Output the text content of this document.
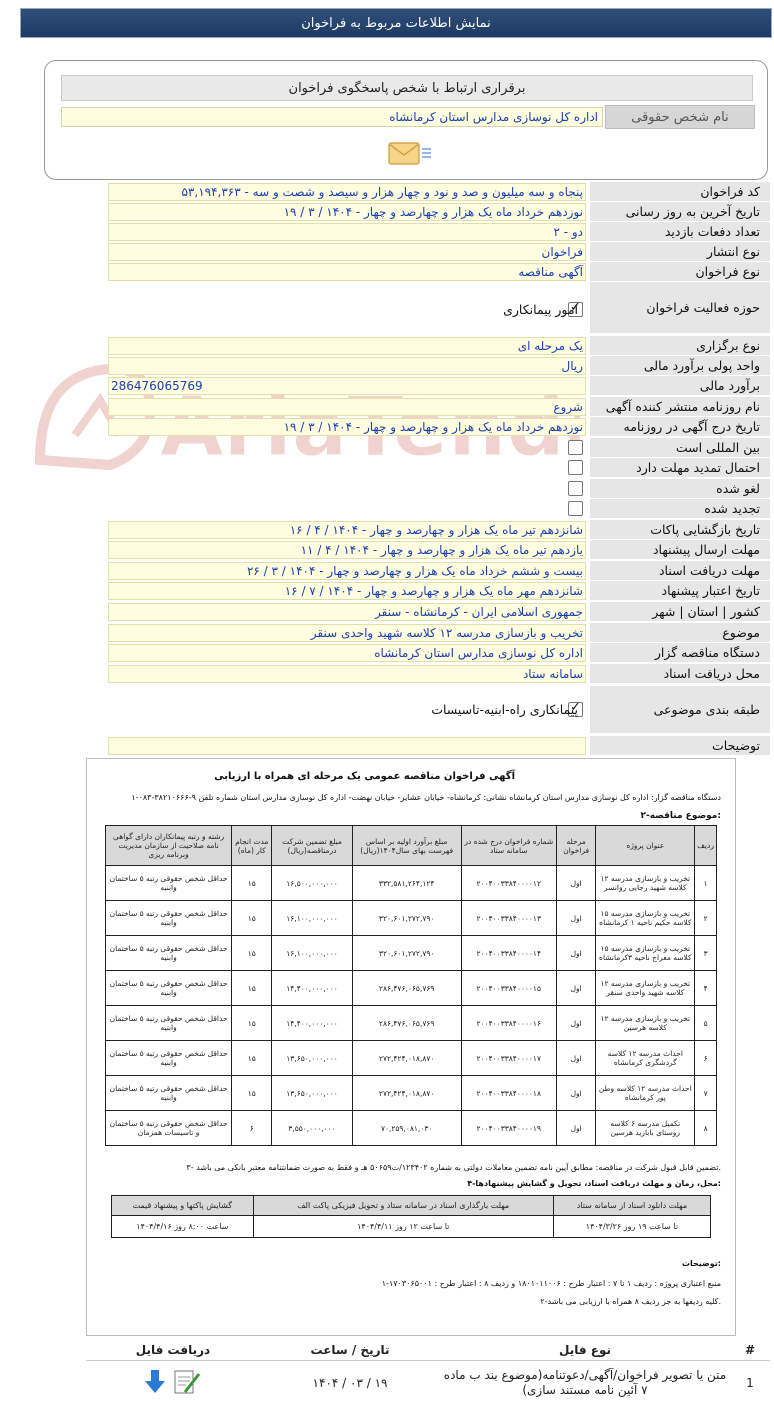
نمایش اطلاعات مربوط به فراخوان
برقراری ارتباط با شخص پاسخگوی فراخوان
نام شخص حقوقی
اداره کل نوسازی مدارس استان کرمانشاه
کد فراخوان
۵۳,۱۹۴,۳۶۳ - پنجاه و سه میلیون و صد و نود و چهار هزار و سیصد و شصت و سه
تاریخ آخرین به روز رسانی
۱۹ / ۳ / ۱۴۰۴ - نوزدهم خرداد ماه یک هزار و چهارصد و چهار
تعداد دفعات بازدید
۲ - دو
نوع انتشار
فراخوان
نوع فراخوان
آگهی مناقصه
حوزه فعالیت فراخوان
✓
امور پیمانکاری
نوع برگزاری
یک مرحله ای
واحد پولی برآورد مالی
ریال
برآورد مالی
286476065769
نام روزنامه منتشر کننده آگهی
شروع
تاریخ درج آگهی در روزنامه
۱۹ / ۳ / ۱۴۰۴ - نوزدهم خرداد ماه یک هزار و چهارصد و چهار
بین المللی است
احتمال تمدید مهلت دارد
لغو شده
تجدید شده
تاریخ بازگشایی پاکات
۱۶ / ۴ / ۱۴۰۴ - شانزدهم تیر ماه یک هزار و چهارصد و چهار
مهلت ارسال پیشنهاد
۱۱ / ۴ / ۱۴۰۴ - یازدهم تیر ماه یک هزار و چهارصد و چهار
مهلت دریافت اسناد
۲۶ / ۳ / ۱۴۰۴ - بیست و ششم خرداد ماه یک هزار و چهارصد و چهار
تاریخ اعتبار پیشنهاد
۱۶ / ۷ / ۱۴۰۴ - شانزدهم مهر ماه یک هزار و چهارصد و چهار
کشور | استان | شهر
جمهوری اسلامی ایران - کرمانشاه - سنقر
موضوع
تخریب و بازسازی مدرسه ۱۲ کلاسه شهید واحدی سنقر
دستگاه مناقصه گزار
اداره کل نوسازی مدارس استان کرمانشاه
محل دریافت اسناد
سامانه ستاد
طبقه بندی موضوعی
✓
پیمانکاری راه-ابنیه-تاسیسات
توضیحات
آگهی فراخوان مناقصه عمومی یک مرحله ای همراه با ارزیابی
۱-دستگاه مناقصه گزار: اداره کل نوسازی مدارس استان کرمانشاه نشانی: کرمانشاه- خیابان عشایر- خیابان نهضت- اداره کل نوسازی مدارس استان شماره تلفن ۹-۳۸۲۱۰۶۶۶-۰۸۳
۲-موضوع مناقصه:
ردیف	عنوان پروژه	مرحله فراخوان	شماره فراخوان درج شده در سامانه ستاد	مبلغ برآورد اولیه بر اساس فهرست بهای سال۱۴۰۴(ریال)	مبلغ تضمین شرکت درمناقصه(ریال)	مدت انجام کار (ماه)	رشته و رتبه پیمانکاران دارای گواهی نامه صلاحیت از سازمان مدیریت وبرنامه ریزی
۱	تخریب و بازسازی مدرسه ۱۲ کلاسه شهید رجایی روانسر	اول	۲۰۰۴۰۰۳۳۸۴۰۰۰۰۱۲	۳۳۲,۵۸۱,۲۶۴,۱۲۴	۱۶,۵۰۰,۰۰۰,۰۰۰	۱۵	حداقل شخص حقوقی رتبه ۵ ساختمان وابنیه
۲	تخریب و بازسازی مدرسه ۱۵ کلاسه حکیم ناحیه ۱ کرمانشاه	اول	۲۰۰۴۰۰۳۳۸۴۰۰۰۰۱۳	۳۲۰,۶۰۱,۲۷۲,۷۹۰	۱۶,۱۰۰,۰۰۰,۰۰۰	۱۵	حداقل شخص حقوقی رتبه ۵ ساختمان وابنیه
۳	تخریب و بازسازی مدرسه ۱۵ کلاسه معراج ناحیه ۳کرمانشاه	اول	۲۰۰۴۰۰۳۳۸۴۰۰۰۰۱۴	۳۲۰,۶۰۱,۲۷۲,۷۹۰	۱۶,۱۰۰,۰۰۰,۰۰۰	۱۵	حداقل شخص حقوقی رتبه ۵ ساختمان وابنیه
۴	تخریب و بازسازی مدرسه ۱۲ کلاسه شهید واحدی سنقر	اول	۲۰۰۴۰۰۳۳۸۴۰۰۰۰۱۵	۲۸۶,۴۷۶,۰۶۵,۷۶۹	۱۴,۴۰۰,۰۰۰,۰۰۰	۱۵	حداقل شخص حقوقی رتبه ۵ ساختمان وابنیه
۵	تخریب و بازسازی مدرسه ۱۲ کلاسه هرسین	اول	۲۰۰۴۰۰۳۳۸۴۰۰۰۰۱۶	۲۸۶,۴۷۶,۰۶۵,۷۶۹	۱۴,۴۰۰,۰۰۰,۰۰۰	۱۵	حداقل شخص حقوقی رتبه ۵ ساختمان وابنیه
۶	احداث مدرسه ۱۲ کلاسه گردشگری کرمانشاه	اول	۲۰۰۴۰۰۳۳۸۴۰۰۰۰۱۷	۲۷۲,۴۲۴,۰۱۸,۸۷۰	۱۳,۶۵۰,۰۰۰,۰۰۰	۱۵	حداقل شخص حقوقی رتبه ۵ ساختمان وابنیه
۷	احداث مدرسه ۱۲ کلاسه وطن پور کرمانشاه	اول	۲۰۰۴۰۰۳۳۸۴۰۰۰۰۱۸	۲۷۲,۴۲۴,۰۱۸,۸۷۰	۱۳,۶۵۰,۰۰۰,۰۰۰	۱۵	حداقل شخص حقوقی رتبه ۵ ساختمان وابنیه
۸	تکمیل مدرسه ۶ کلاسه روستای بابازید هرسین	اول	۲۰۰۴۰۰۳۳۸۴۰۰۰۰۱۹	۷۰,۲۵۹,۰۸۱,۰۳۰	۳,۵۵۰,۰۰۰,۰۰۰	۶	حداقل شخص حقوقی رتبه ۵ ساختمان و تاسیسات همزمان
۳- تضمین قابل قبول شرکت در مناقصه: مطابق آیین نامه تضمین معاملات دولتی به شماره ۱۲۳۴۰۲/ت۵۰۶۵۹ هـ و فقط به صورت ضمانتنامه معتبر بانکی می باشد.
۴-محل، زمان و مهلت دریافت اسناد، تحویل و گشایش پیشنهادها:
مهلت دانلود اسناد از سامانه ستاد	مهلت بارگذاری اسناد در سامانه ستاد و تحویل فیزیکی پاکت الف	گشایش پاکتها و پیشنهاد قیمت
تا ساعت ۱۹ روز ۱۴۰۴/۳/۲۶	تا ساعت ۱۲ روز ۱۴۰۴/۴/۱۱	ساعت ۸:۰۰ روز ۱۴۰۴/۴/۱۶
توضیحات:
۱-منبع اعتباری پروژه : ردیف ۱ تا ۷ : اعتبار طرح : ۱۸۰۱۰۱۱۰۰۶ و ردیف ۸ : اعتبار طرح : ۱۷۰۳۰۶۵۰۰۱
۲-کلیه ردیفها به جز ردیف ۸ همراه با ارزیابی می باشد.
#	نوع فایل	تاریخ / ساعت	دریافت فایل
1	متن یا تصویر فراخوان/آگهی/دعوتنامه(موضوع بند ب ماده ۷ آئین نامه مستند سازی)	۱۹ / ۰۳ / ۱۴۰۴	
